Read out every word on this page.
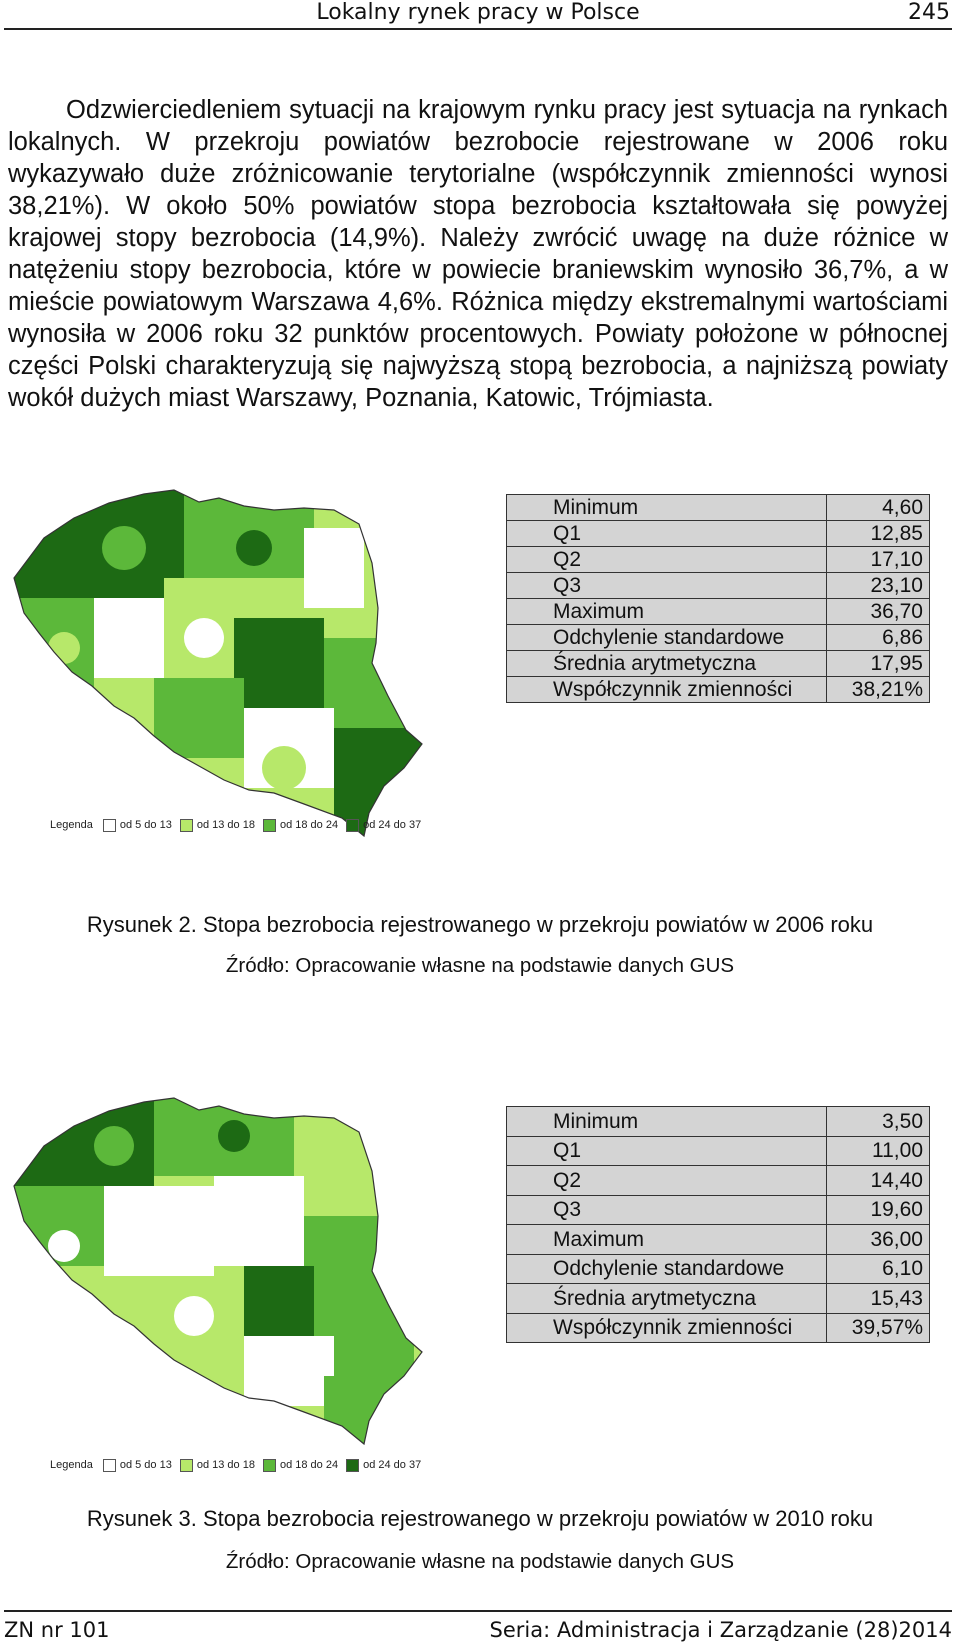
Lokalny rynek pracy w Polsce	245

Odzwierciedleniem sytuacji na krajowym rynku pracy jest sytuacja na rynkach lokalnych. W przekroju powiatów bezrobocie rejestrowane w 2006 roku wykazywało duże zróżnicowanie terytorialne (współczynnik zmienności wynosi 38,21%). W około 50% powiatów stopa bezrobocia kształtowała się powyżej krajowej stopy bezrobocia (14,9%). Należy zwrócić uwagę na duże różnice w natężeniu stopy bezrobocia, które w powiecie braniewskim wynosiło 36,7%, a w mieście powiatowym Warszawa 4,6%. Różnica między ekstremalnymi wartościami wynosiła w 2006 roku 32 punktów procentowych. Powiaty położone w północnej części Polski charakteryzują się najwyższą stopą bezrobocia, a najniższą powiaty wokół dużych miast Warszawy, Poznania, Katowic, Trójmiasta.

Legenda od 5 do 13 od 13 do 18 od 18 do 24 od 24 do 37
Minimum	4,60
Q1	12,85
Q2	17,10
Q3	23,10
Maximum	36,70
Odchylenie standardowe	6,86
Średnia arytmetyczna	17,95
Współczynnik zmienności	38,21%
Rysunek 2. Stopa bezrobocia rejestrowanego w przekroju powiatów w 2006 roku
Źródło: Opracowanie własne na podstawie danych GUS
Legenda od 5 do 13 od 13 do 18 od 18 do 24 od 24 do 37
Minimum	3,50
Q1	11,00
Q2	14,40
Q3	19,60
Maximum	36,00
Odchylenie standardowe	6,10
Średnia arytmetyczna	15,43
Współczynnik zmienności	39,57%
Rysunek 3. Stopa bezrobocia rejestrowanego w przekroju powiatów w 2010 roku
Źródło: Opracowanie własne na podstawie danych GUS
ZN nr 101	Seria: Administracja i Zarządzanie (28)2014
